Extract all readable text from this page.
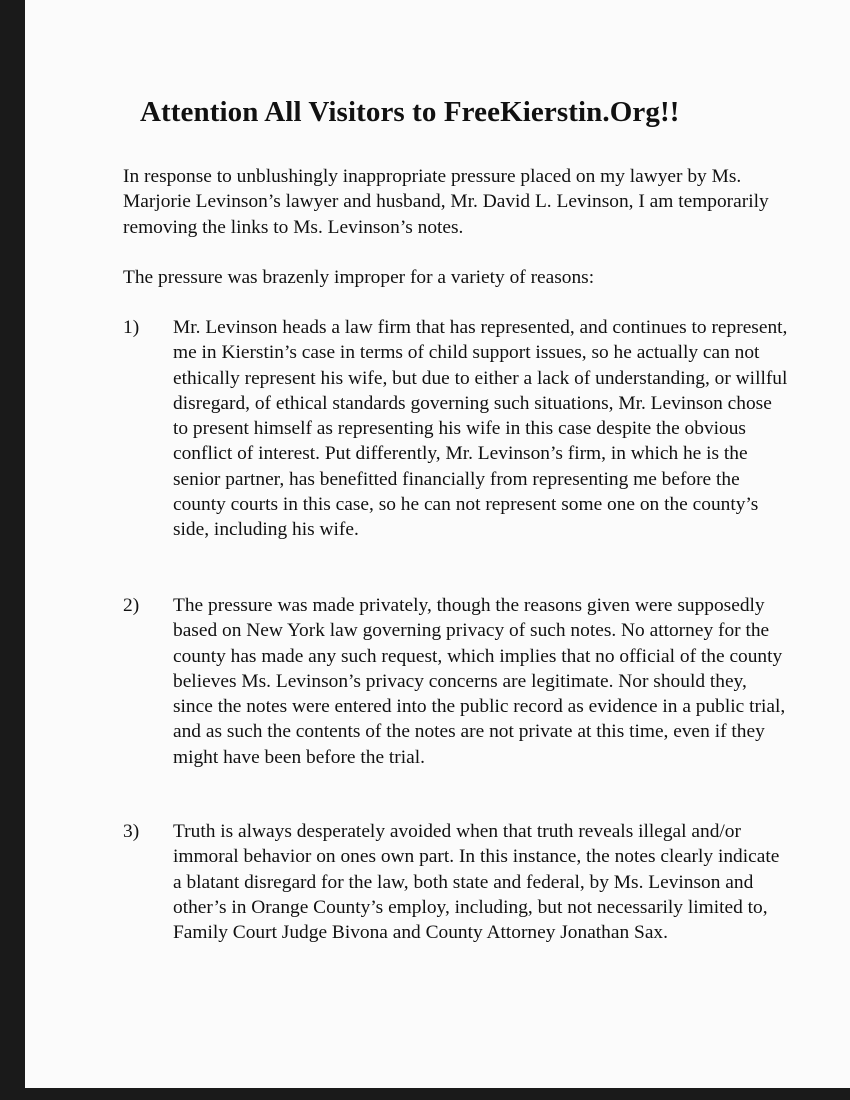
Attention All Visitors to FreeKierstin.Org!!

In response to unblushingly inappropriate pressure placed on my lawyer by Ms. Marjorie Levinson’s lawyer and husband, Mr. David L. Levinson, I am temporarily removing the links to Ms. Levinson’s notes.

The pressure was brazenly improper for a variety of reasons:

1) Mr. Levinson heads a law firm that has represented, and continues to represent, me in Kierstin’s case in terms of child support issues, so he actually can not ethically represent his wife, but due to either a lack of understanding, or willful disregard, of ethical standards governing such situations, Mr. Levinson chose to present himself as representing his wife in this case despite the obvious conflict of interest. Put differently, Mr. Levinson’s firm, in which he is the senior partner, has benefitted financially from representing me before the county courts in this case, so he can not represent some one on the county’s side, including his wife.

2) The pressure was made privately, though the reasons given were supposedly based on New York law governing privacy of such notes. No attorney for the county has made any such request, which implies that no official of the county believes Ms. Levinson’s privacy concerns are legitimate. Nor should they, since the notes were entered into the public record as evidence in a public trial, and as such the contents of the notes are not private at this time, even if they might have been before the trial.

3) Truth is always desperately avoided when that truth reveals illegal and/or immoral behavior on ones own part. In this instance, the notes clearly indicate a blatant disregard for the law, both state and federal, by Ms. Levinson and other’s in Orange County’s employ, including, but not necessarily limited to, Family Court Judge Bivona and County Attorney Jonathan Sax.
